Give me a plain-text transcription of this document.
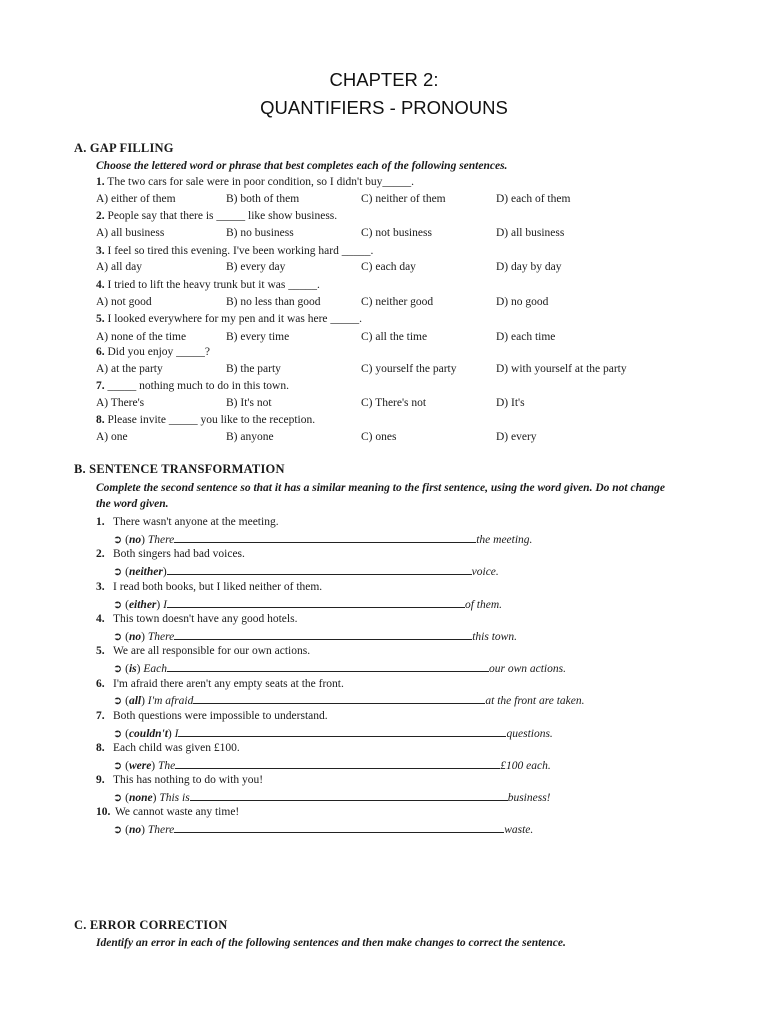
CHAPTER 2:
QUANTIFIERS - PRONOUNS
A. GAP FILLING
Choose the lettered word or phrase that best completes each of the following sentences.
1. The two cars for sale were in poor condition, so I didn't buy_____.
A) either of them	B) both of them	C) neither of them	D) each of them
2. People say that there is _____ like show business.
A) all business	B) no business	C) not business	D) all business
3. I feel so tired this evening. I've been working hard _____.
A) all day	B) every day	C) each day	D) day by day
4. I tried to lift the heavy trunk but it was _____.
A) not good	B) no less than good	C) neither good	D) no good
5. I looked everywhere for my pen and it was here _____.
A) none of the time	B) every time	C) all the time	D) each time
6. Did you enjoy _____?
A) at the party	B) the party	C) yourself the party	D) with yourself at the party
7. _____ nothing much to do in this town.
A) There's	B) It's not	C) There's not	D) It's
8. Please invite _____ you like to the reception.
A) one	B) anyone	C) ones	D) every
B. SENTENCE TRANSFORMATION
Complete the second sentence so that it has a similar meaning to the first sentence, using the word given. Do not change the word given.
1. There wasn't anyone at the meeting.
➲ (no) There	the meeting.
2. Both singers had bad voices.
➲ (neither)	voice.
3. I read both books, but I liked neither of them.
➲ (either) I	of them.
4. This town doesn't have any good hotels.
➲ (no) There	this town.
5. We are all responsible for our own actions.
➲ (is) Each	our own actions.
6. I'm afraid there aren't any empty seats at the front.
➲ (all) I'm afraid	at the front are taken.
7. Both questions were impossible to understand.
➲ (couldn't) I	questions.
8. Each child was given £100.
➲ (were) The	£100 each.
9. This has nothing to do with you!
➲ (none) This is	business!
10. We cannot waste any time!
➲ (no) There	waste.
C. ERROR CORRECTION
Identify an error in each of the following sentences and then make changes to correct the sentence.
